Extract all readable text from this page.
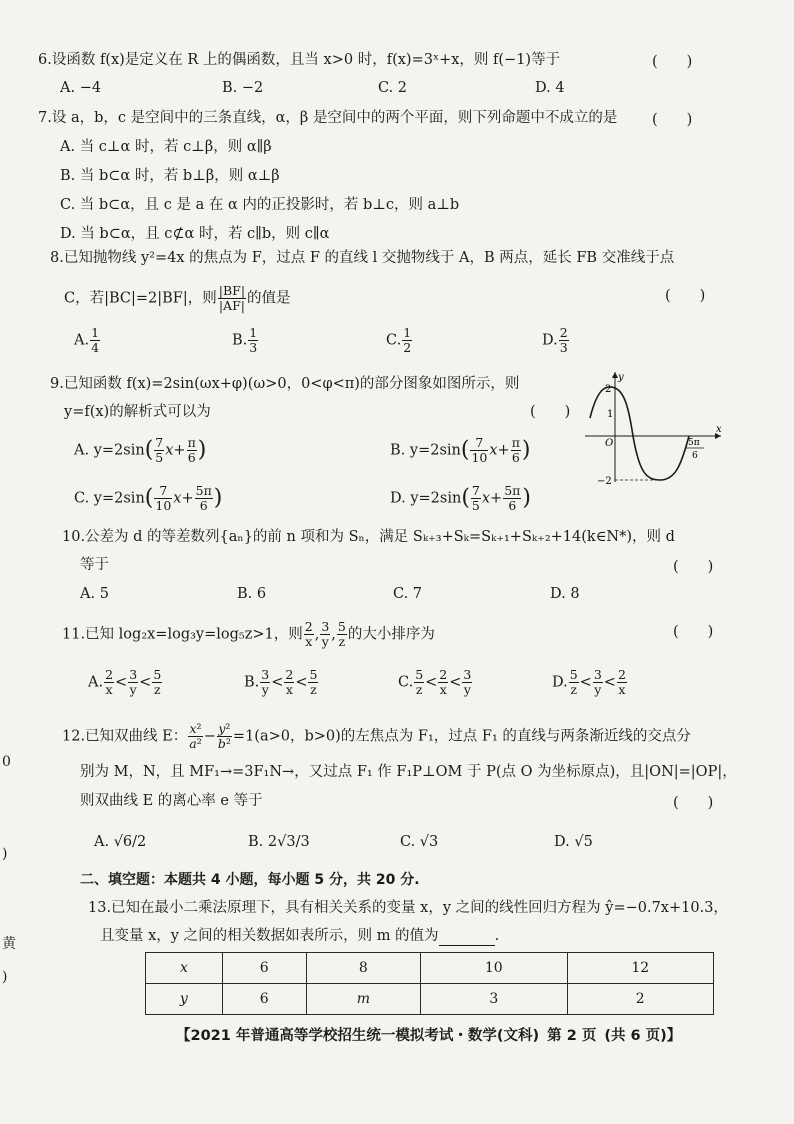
6.设函数 f(x)是定义在 R 上的偶函数，且当 x>0 时，f(x)=3ˣ+x，则 f(−1)等于	(　　)
A. −4	B. −2	C. 2	D. 4
7.设 a，b，c 是空间中的三条直线，α，β 是空间中的两个平面，则下列命题中不成立的是 (　　)
A. 当 c⊥α 时，若 c⊥β，则 α∥β
B. 当 b⊂α 时，若 b⊥β，则 α⊥β
C. 当 b⊂α，且 c 是 a 在 α 内的正投影时，若 b⊥c，则 a⊥b
D. 当 b⊂α，且 c⊄α 时，若 c∥b，则 c∥α
8.已知抛物线 y²=4x 的焦点为 F，过点 F 的直线 l 交抛物线于 A，B 两点，延长 FB 交准线于点
C，若|BC|=2|BF|，则 $\frac{|BF|}{|AF|}$ 的值是	(　　)
A. $\frac{1}{4}$	B. $\frac{1}{3}$	C. $\frac{1}{2}$	D. $\frac{2}{3}$
9.已知函数 f(x)=2sin(ωx+φ)(ω>0，0<φ<π)的部分图象如图所示，则
y=f(x)的解析式可以为	(　　)
A. $y=2\sin( \frac{7}{5} x+ \frac{\pi}{6}$ )	B. $y=2\sin( \frac{7}{10} x+ \frac{\pi}{6}$ )
C. $y=2\sin( \frac{7}{10} x+ \frac{5\pi}{6}$ )	D. $y=2\sin( \frac{7}{5} x+ \frac{5\pi}{6}$ )
y
x
2
1
O
−2
5π
6
10.公差为 d 的等差数列{aₙ}的前 n 项和为 Sₙ，满足 Sₖ₊₃+Sₖ=Sₖ₊₁+Sₖ₊₂+14(k∈N*)，则 d
等于	(　　)
A. 5	B. 6	C. 7	D. 8
11.已知 log₂x=log₃y=log₅z>1，则 $\frac{2}{x}$ , $\frac{3}{y}$ , $\frac{5}{z}$ 的大小排序为	(　　)
A. $\frac{2}{x} < \frac{3}{y} < \frac{5}{z}$	B. $\frac{3}{y} < \frac{2}{x} < \frac{5}{z}$	C. $\frac{5}{z} < \frac{2}{x} < \frac{3}{y}$	D. $\frac{5}{z} < \frac{3}{y} < \frac{2}{x}$
12.已知双曲线 E： $\frac{\text{x²}}{\text{a²}} - \frac{\text{y²}}{\text{b²}} =1(a>0$，b>0)的左焦点为 F₁，过点 F₁ 的直线与两条渐近线的交点分
别为 M，N，且 MF₁→=3F₁N→，又过点 F₁ 作 F₁P⊥OM 于 P(点 O 为坐标原点)，且|ON|=|OP|，
则双曲线 E 的离心率 e 等于	(　　)
A. √6/2	B. 2√3/3	C. √3	D. √5
二、填空题：本题共 4 小题，每小题 5 分，共 20 分.
13.已知在最小二乘法原理下，具有相关关系的变量 x，y 之间的线性回归方程为 ŷ=−0.7x+10.3，
且变量 x，y 之间的相关数据如表所示，则 m 的值为	.
x	6	8	10	12
y	6	m	3	2
【2021 年普通高等学校招生统一模拟考试・数学(文科) 第 2 页 (共 6 页)】
0
)
黄
)
